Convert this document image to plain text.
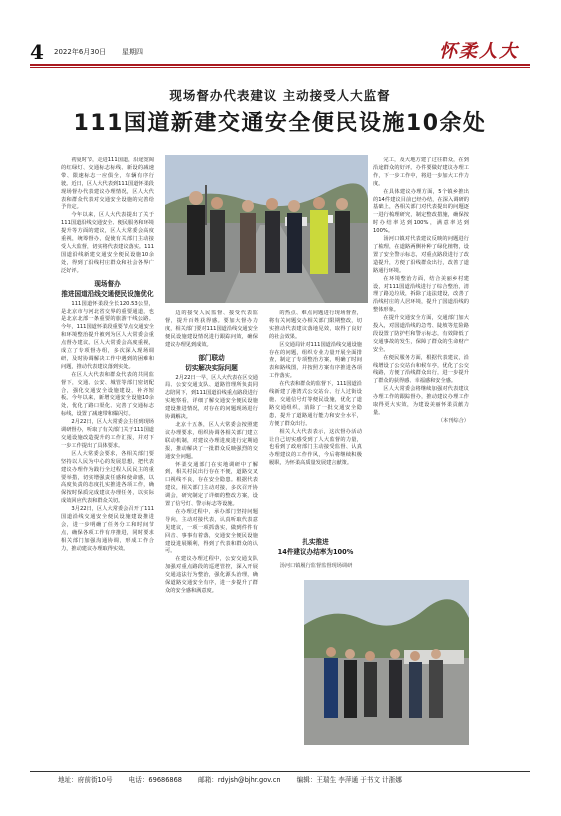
4 2022年6月30日 星期四	怀柔人大
现场督办代表建议 主动接受人大监督
111国道新建交通安全便民设施10余处

初夏时节，走进111国道，沿途宽阔的红绿灯、交通标志标线、新设的减速带、限速标志一应俱全，车辆有序行驶。近日，区人大代表到111国道怀柔段现场督办代表建议办理情况，区人大代表和群众代表对交通安全设施的完善给予肯定。

今年以来，区人大代表提出了关于111国道沿线交通安全、便民服务和环境提升等方面的建议，区人大常委会高度重视，统筹督办，促使有关部门主动接受人大监督，切实将代表建议落实。111国道沿线新建交通安全便民设施10余处，得到了沿线村庄群众和社会各界广泛好评。

现场督办
推进国道沿线交通便民设施优化

111国道怀柔段全长120.53公里，是北京市与河北省交界的重要通道，也是北京北部一条重要的旅游干线公路。今年，111国道怀柔段重要节点交通安全和环境整治提升被列为区人大常委会重点督办建议。区人大常委会高度重视，成立了专项督办组，多次深入现场调研，及时协调解决工作中遇到的困难和问题，推动代表建议落到实处。

在区人大代表和群众代表的共同监督下，交通、公安、城管等部门密切配合，强化交通安全设施建设，补齐短板。今年以来，新增交通安全设施10余处，优化了路口渠化、完善了交通标志标线，设置了减速带和爆闪灯。

2月22日，区人大常委会主任到现场调研督办，听取了有关部门关于111国道交通设施改造提升的工作汇报，并对下一步工作提出了具体要求。

区人大常委会要求，各相关部门要坚持以人民为中心的发展思想，把代表建议办理作为践行全过程人民民主的重要举措，切实增强责任感和使命感，以高度负责的态度扎实推进各项工作，确保按时保质完成建议办理任务，以实际成效回应代表和群众关切。

3月22日，区人大常委会召开了111国道沿线交通安全便民设施建设推进会，进一步明确了任务分工和时间节点，确保各项工作有序推进，同时要求相关部门加强沟通协调，形成工作合力，推动建议办理取得实效。

边的接受人民监督、接受代表监督，提升百姓获得感。要加大督办力度，相关部门要对111国道沿线交通安全便民设施建设情况进行跟踪问效，确保建议办理见到成效。

部门联动
切实解决实际问题

2月22日一早，区人大代表在区交通局、公安交通支队、道路管理所负责同志陪同下，到111国道沿线重点路段进行实地察看，详细了解交通安全便民设施建设推进情况，对存在的问题现场进行协调解决。

北京十五条，区人大常委会按照建议办理要求，组织协调各相关部门建立联动机制，对建议办理进度进行定期通报，推动解决了一批群众反映强烈的交通安全问题。

怀柔交通部门在实地调研中了解到，相关村民出行存在不便，道路交叉口视线不良，存在安全隐患。根据代表建议，相关部门主动对接，多次召开协调会，研究制定了详细的整改方案，设置了信号灯、警示标志等设施。

在办理过程中，承办部门坚持问题导向，主动对接代表，认真听取代表意见建议，一项一项抓落实，做到件件有回音、事事有着落，交通安全便民设施建设进展顺利，得到了代表和群众的认可。

在建议办理过程中，公安交通支队加强对重点路段的巡逻管控，深入开展交通违法行为整治，强化源头治理，确保道路交通安全有序，进一步提升了群众的安全感和满意度。

的热点、难点问题进行现场督查，将有关问题交办相关部门限期整改，切实推动代表建议落地见效，取得了良好的社会效果。

区交通局针对111国道沿线交通设施存在的问题，组织专业力量开展全面排查，制定了专项整治方案，明确了时间表和路线图，并按照方案有序推进各项工作落实。

在代表和群众的监督下，111国道沿线新建了港湾式公交站台、行人过街设施、交通信号灯等便民设施，优化了道路交通组织，消除了一批交通安全隐患，提升了道路通行能力和安全水平，方便了群众出行。

相关人大代表表示，这次督办活动让自己切实感受到了人大监督的力量，也看到了政府部门主动接受监督、认真办理建议的工作作风，今后将继续积极履职，为怀柔高质量发展建言献策。

扎实推进
14件建议办结率为100%
汤河口镇履行监督监督现场调研

完工，及大地方建了过往群众，在到沿途群众的好评。办件要做好建议办理工作，下一步工作中，将进一步加大工作力度。

在具体建议办理方面，5个镇乡推出的14件建议目前已经办结，在深入调研的基础上，各相关部门对代表提出的问题逐一进行梳理研究，制定整改措施，确保按时办结率达到100%，满意率达到100%。

汤河口镇对代表建议反映的问题进行了梳理，在道路两侧补种了绿化植物，设置了安全警示标志，对重点路段进行了改造提升，方便了沿线群众出行，改善了道路通行环境。

在环境整治方面，结合美丽乡村建设，对111国道沿线进行了综合整治，清理了路边垃圾，拆除了违法建设，改善了沿线村庄的人居环境，提升了国道沿线的整体形象。

在提升交通安全方面，交通部门加大投入，对国道沿线的急弯、陡坡等危险路段设置了防护栏和警示标志，有效降低了交通事故的发生，保障了群众的生命财产安全。

在便民服务方面，根据代表建议，沿线增设了公交站台和候车亭，优化了公交线路，方便了沿线群众出行，进一步提升了群众的获得感、幸福感和安全感。

区人大常委会将继续加强对代表建议办理工作的跟踪督办，推动建议办理工作取得更大实效，为建设美丽怀柔贡献力量。

（本刊综合）

地址：府前街10号 电话：69686868 邮箱：rdyjsh@bjhr.gov.cn 编辑：王瑞生 李萍通 于书文 计浙娜
